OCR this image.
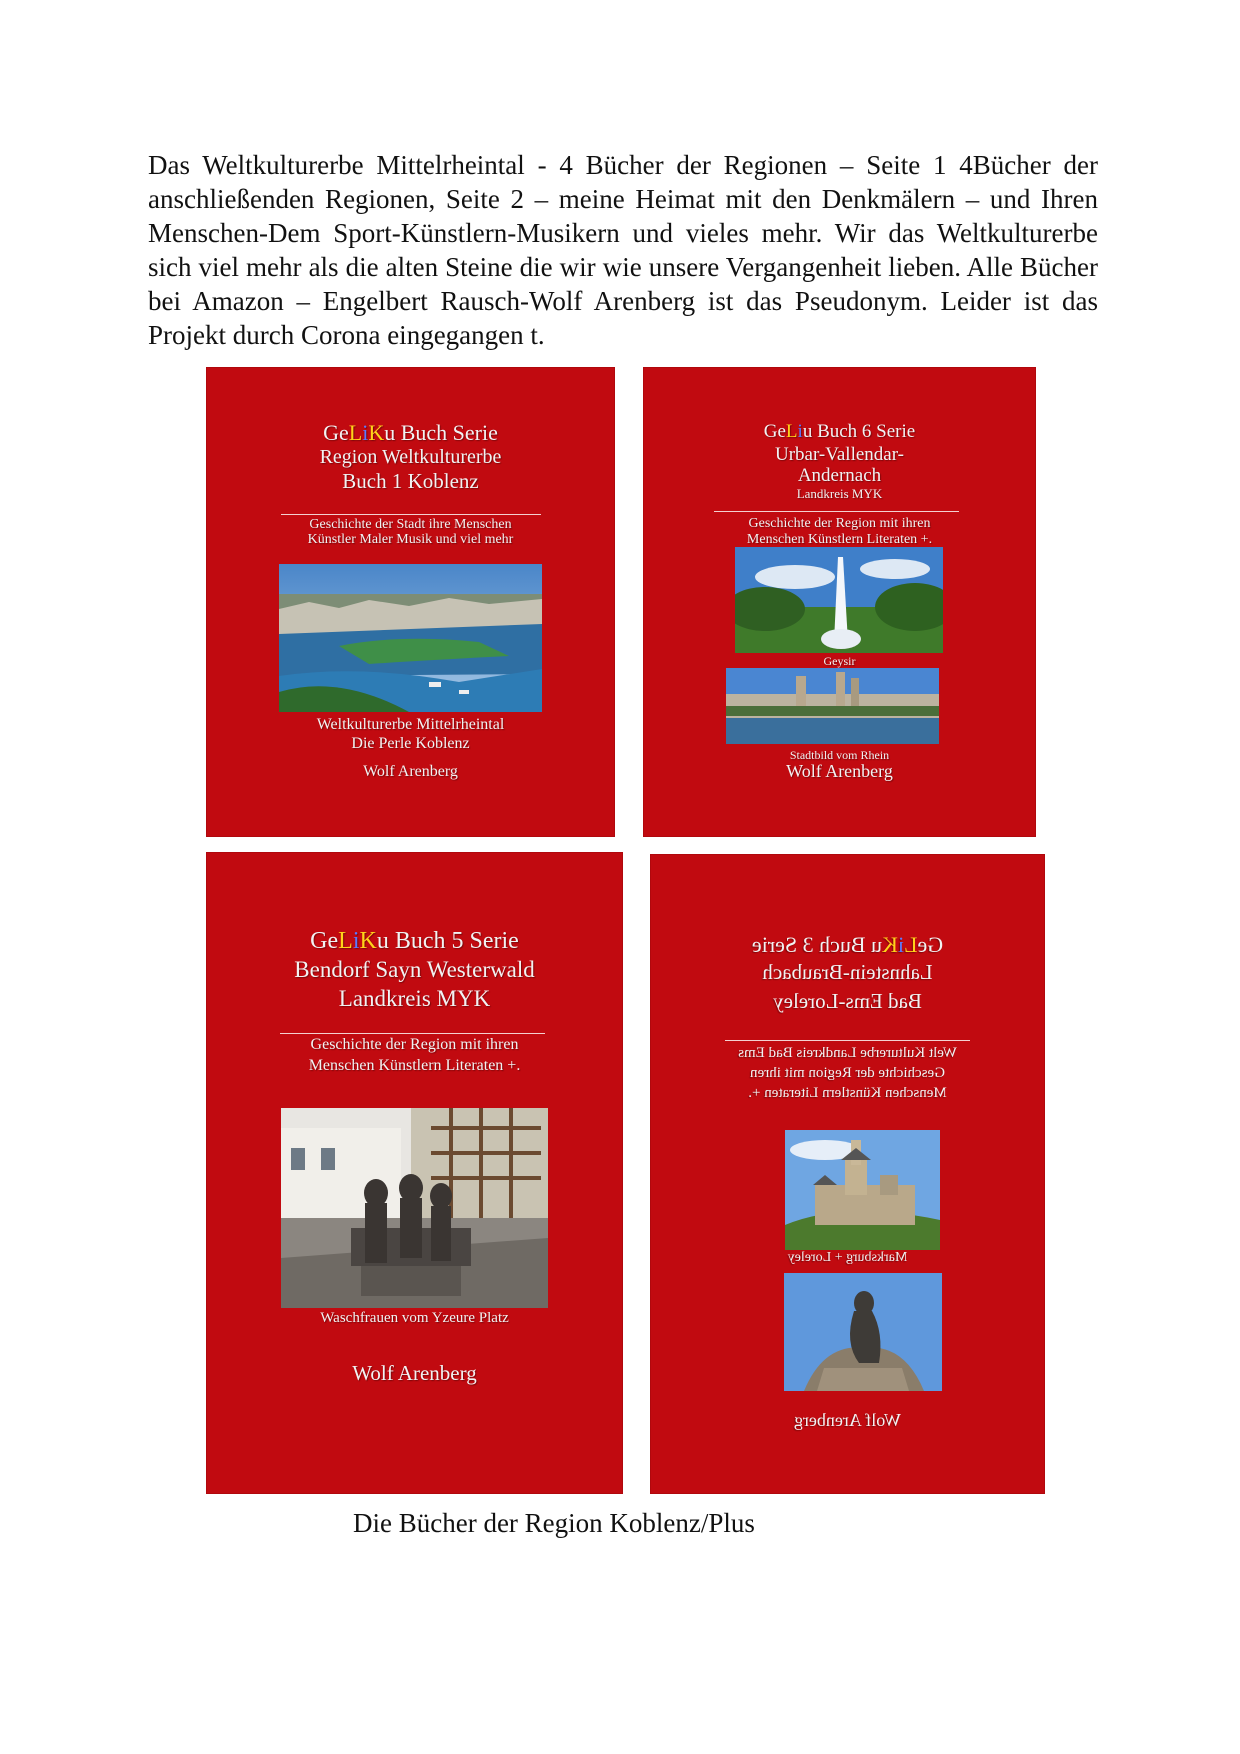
Das Weltkulturerbe Mittelrheintal - 4 Bücher der Regionen – Seite 1 4Bücher der anschließenden Regionen, Seite 2 – meine Heimat mit den Denkmälern – und Ihren Menschen-Dem Sport-Künstlern-Musikern und vieles mehr. Wir das Weltkulturerbe sich viel mehr als die alten Steine die wir wie unsere Vergangenheit lieben. Alle Bücher bei Amazon – Engelbert Rausch-Wolf Arenberg ist das Pseudonym. Leider ist das Projekt durch Corona eingegangen t.

GeLiKu Buch Serie
Region Weltkulturerbe
Buch 1 Koblenz
Geschichte der Stadt ihre Menschen
Künstler Maler Musik und viel mehr
Weltkulturerbe Mittelrheintal
Die Perle Koblenz
Wolf Arenberg
GeLiu Buch 6 Serie
Urbar-Vallendar-
Andernach
Landkreis MYK
Geschichte der Region mit ihren
Menschen Künstlern Literaten +.
Geysir
Stadtbild vom Rhein
Wolf Arenberg
GeLiKu Buch 5 Serie
Bendorf Sayn Westerwald
Landkreis MYK
Geschichte der Region mit ihren
Menschen Künstlern Literaten +.
Waschfrauen vom Yzeure Platz
Wolf Arenberg
GeLiKu Buch 3 Serie
Lahnstein-Braubach
Bad Ems-Loreley
Welt Kulturerbe Landkreis Bad Ems
Geschichte der Region mit ihren
Menschen Künstlern Literaten +.
Marksburg + Loreley
Wolf Arenberg

Die Bücher der Region Koblenz/Plus
